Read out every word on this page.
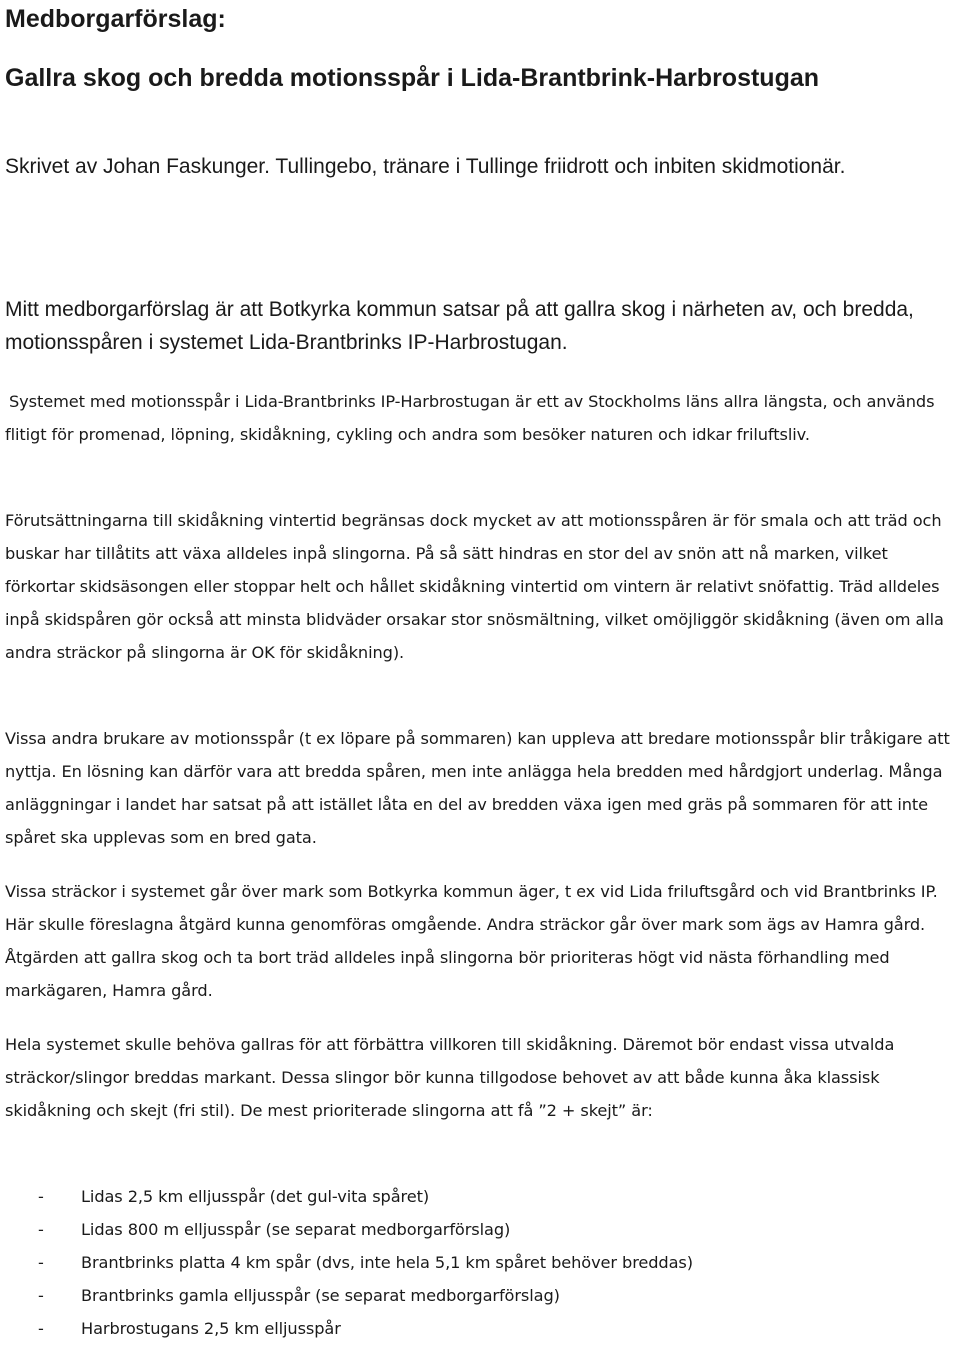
Medborgarförslag:
Gallra skog och bredda motionsspår i Lida-Brantbrink-Harbrostugan
Skrivet av Johan Faskunger. Tullingebo, tränare i Tullinge friidrott och inbiten skidmotionär.

Mitt medborgarförslag är att Botkyrka kommun satsar på att gallra skog i närheten av, och bredda, motionsspåren i systemet Lida-Brantbrinks IP-Harbrostugan.

Systemet med motionsspår i Lida-Brantbrinks IP-Harbrostugan är ett av Stockholms läns allra längsta, och används flitigt för promenad, löpning, skidåkning, cykling och andra som besöker naturen och idkar friluftsliv.

Förutsättningarna till skidåkning vintertid begränsas dock mycket av att motionsspåren är för smala och att träd och buskar har tillåtits att växa alldeles inpå slingorna. På så sätt hindras en stor del av snön att nå marken, vilket förkortar skidsäsongen eller stoppar helt och hållet skidåkning vintertid om vintern är relativt snöfattig. Träd alldeles inpå skidspåren gör också att minsta blidväder orsakar stor snösmältning, vilket omöjliggör skidåkning (även om alla andra sträckor på slingorna är OK för skidåkning).

Vissa andra brukare av motionsspår (t ex löpare på sommaren) kan uppleva att bredare motionsspår blir tråkigare att nyttja. En lösning kan därför vara att bredda spåren, men inte anlägga hela bredden med hårdgjort underlag. Många anläggningar i landet har satsat på att istället låta en del av bredden växa igen med gräs på sommaren för att inte spåret ska upplevas som en bred gata.

Vissa sträckor i systemet går över mark som Botkyrka kommun äger, t ex vid Lida friluftsgård och vid Brantbrinks IP. Här skulle föreslagna åtgärd kunna genomföras omgående. Andra sträckor går över mark som ägs av Hamra gård. Åtgärden att gallra skog och ta bort träd alldeles inpå slingorna bör prioriteras högt vid nästa förhandling med markägaren, Hamra gård.

Hela systemet skulle behöva gallras för att förbättra villkoren till skidåkning. Däremot bör endast vissa utvalda sträckor/slingor breddas markant. Dessa slingor bör kunna tillgodose behovet av att både kunna åka klassisk skidåkning och skejt (fri stil). De mest prioriterade slingorna att få ”2 + skejt” är:

- Lidas 2,5 km elljusspår (det gul-vita spåret)
- Lidas 800 m elljusspår (se separat medborgarförslag)
- Brantbrinks platta 4 km spår (dvs, inte hela 5,1 km spåret behöver breddas)
- Brantbrinks gamla elljusspår (se separat medborgarförslag)
- Harbrostugans 2,5 km elljusspår
